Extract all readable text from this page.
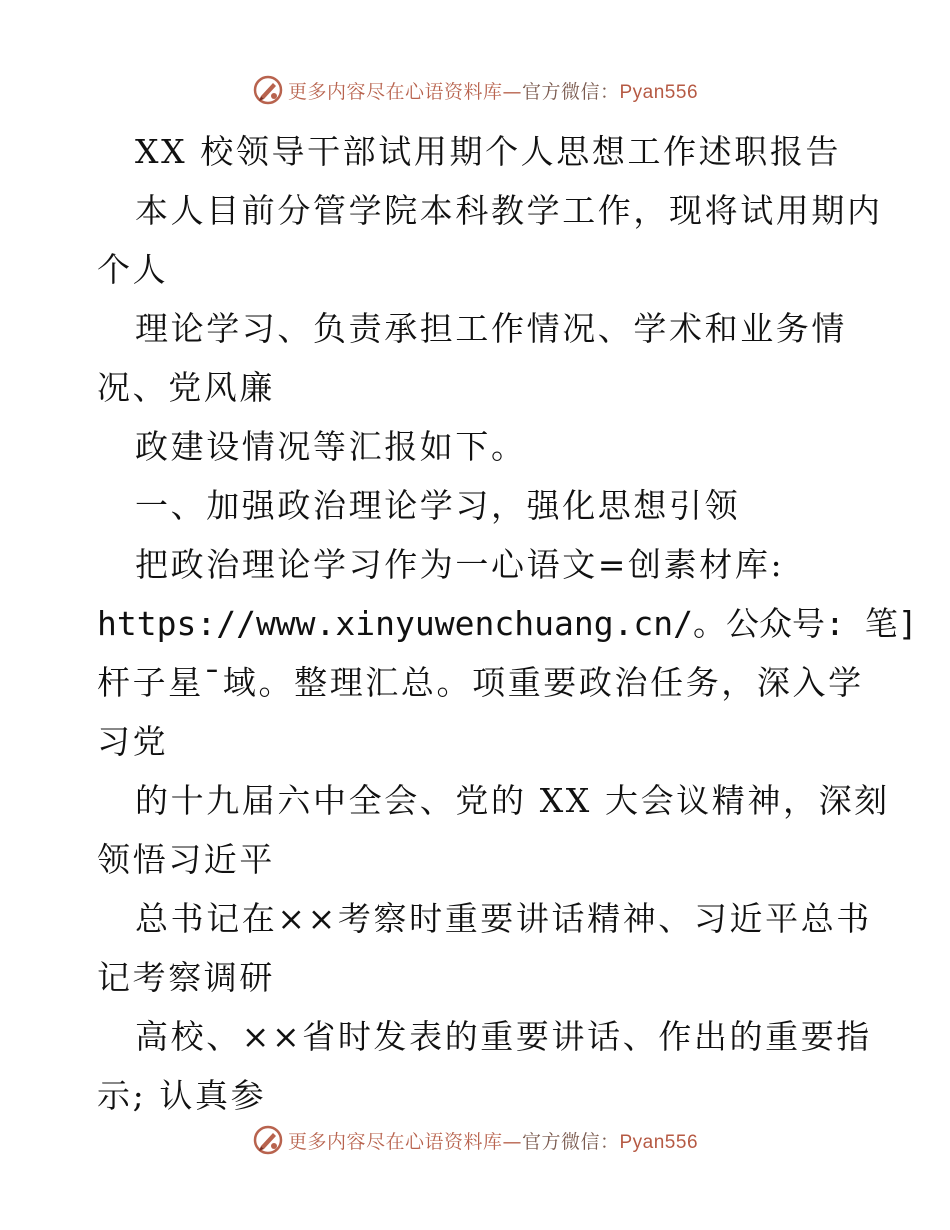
更多内容尽在心语资料库—官方微信：Pyan556
XX 校领导干部试用期个人思想工作述职报告
本人目前分管学院本科教学工作，现将试用期内
个人
理论学习、负责承担工作情况、学术和业务情
况、党风廉
政建设情况等汇报如下。
一、加强政治理论学习，强化思想引领
把政治理论学习作为一心语文=创素材库:
https://www.xinyuwenchuang.cn/。公众号: 笔]
杆子星¯域。整理汇总。项重要政治任务，深入学
习党
的十九届六中全会、党的 XX 大会议精神，深刻
领悟习近平
总书记在××考察时重要讲话精神、习近平总书
记考察调研
高校、××省时发表的重要讲话、作出的重要指
示; 认真参
更多内容尽在心语资料库—官方微信：Pyan556
